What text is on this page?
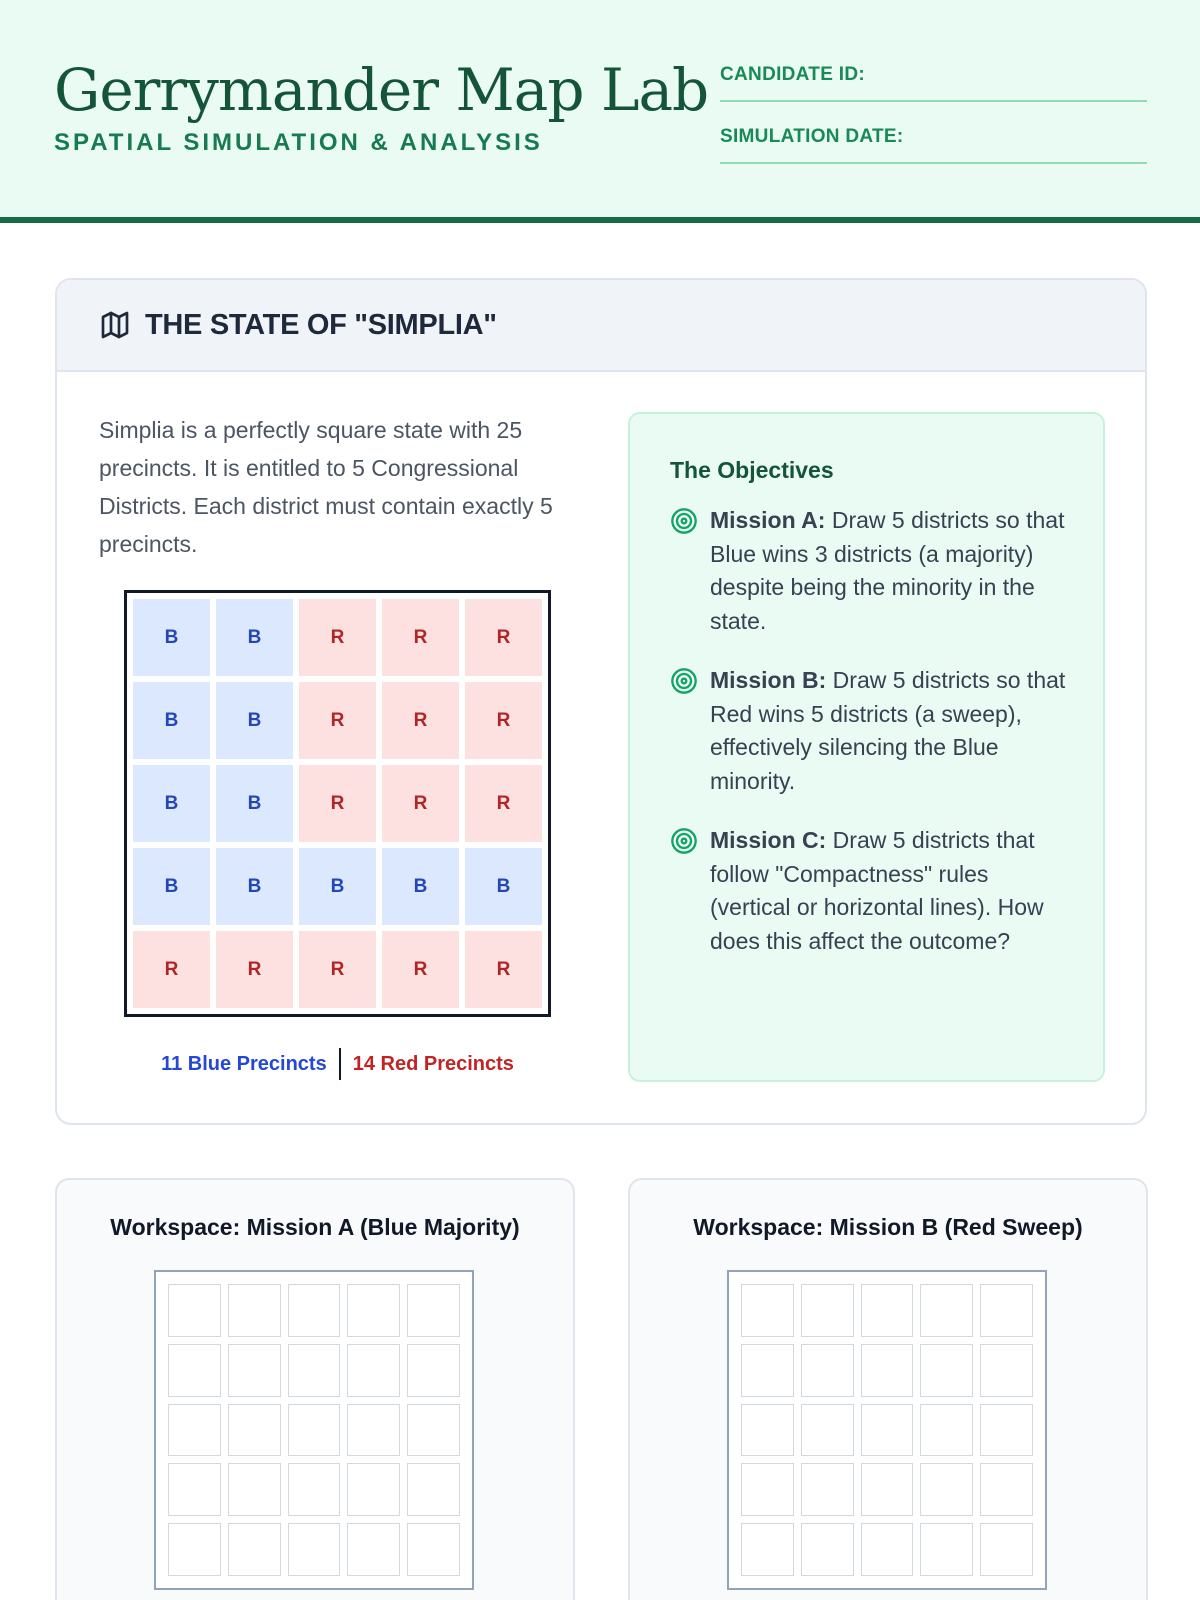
Gerrymander Map Lab
SPATIAL SIMULATION & ANALYSIS
CANDIDATE ID:
SIMULATION DATE:
THE STATE OF "SIMPLIA"

Simplia is a perfectly square state with 25 precincts. It is entitled to 5 Congressional Districts. Each district must contain exactly 5 precincts.

B	B	R	R	R
B	B	R	R	R
B	B	R	R	R
B	B	B	B	B
R	R	R	R	R
11 Blue Precincts 14 Red Precincts
The Objectives
Mission A: Draw 5 districts so that Blue wins 3 districts (a majority) despite being the minority in the state.
Mission B: Draw 5 districts so that Red wins 5 districts (a sweep), effectively silencing the Blue minority.
Mission C: Draw 5 districts that follow "Compactness" rules (vertical or horizontal lines). How does this affect the outcome?
Workspace: Mission A (Blue Majority)	Workspace: Mission B (Red Sweep)
